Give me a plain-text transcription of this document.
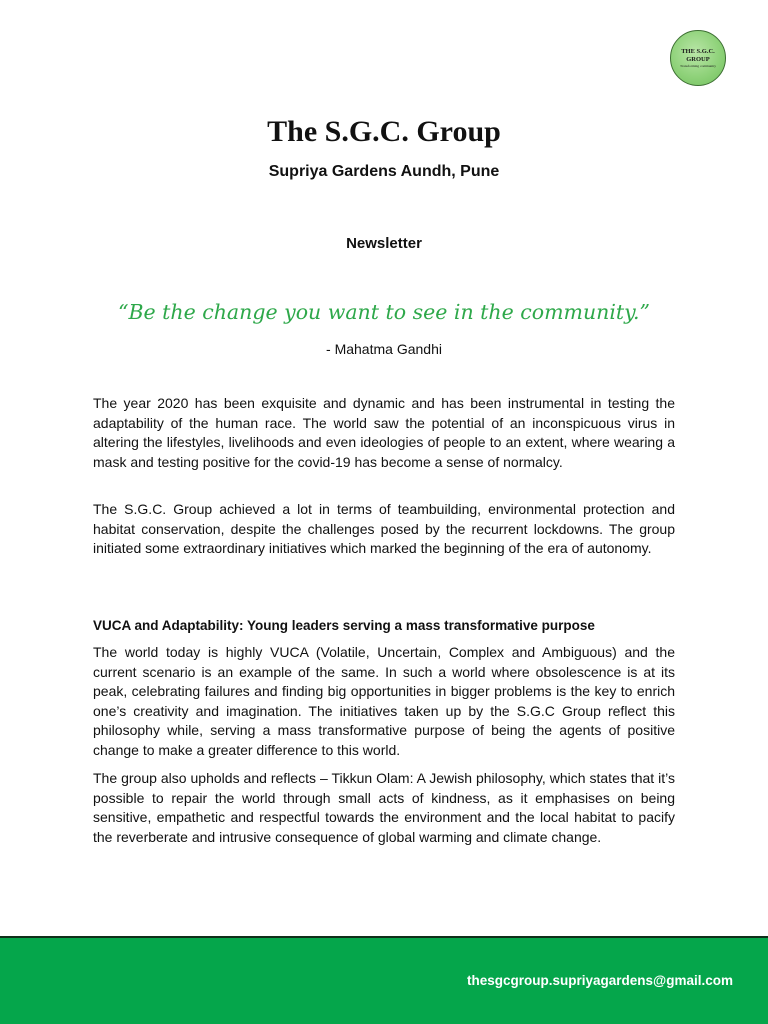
THE S.G.C. GROUP
Transforming community
The S.G.C. Group
Supriya Gardens Aundh, Pune
Newsletter
“Be the change you want to see in the community.”
- Mahatma Gandhi

The year 2020 has been exquisite and dynamic and has been instrumental in testing the adaptability of the human race. The world saw the potential of an inconspicuous virus in altering the lifestyles, livelihoods and even ideologies of people to an extent, where wearing a mask and testing positive for the covid-19 has become a sense of normalcy.

The S.G.C. Group achieved a lot in terms of teambuilding, environmental protection and habitat conservation, despite the challenges posed by the recurrent lockdowns. The group initiated some extraordinary initiatives which marked the beginning of the era of autonomy.

VUCA and Adaptability: Young leaders serving a mass transformative purpose

The world today is highly VUCA (Volatile, Uncertain, Complex and Ambiguous) and the current scenario is an example of the same. In such a world where obsolescence is at its peak, celebrating failures and finding big opportunities in bigger problems is the key to enrich one’s creativity and imagination. The initiatives taken up by the S.G.C Group reflect this philosophy while, serving a mass transformative purpose of being the agents of positive change to make a greater difference to this world.

The group also upholds and reflects – Tikkun Olam: A Jewish philosophy, which states that it’s possible to repair the world through small acts of kindness, as it emphasises on being sensitive, empathetic and respectful towards the environment and the local habitat to pacify the reverberate and intrusive consequence of global warming and climate change.

thesgcgroup.supriyagardens@gmail.com
